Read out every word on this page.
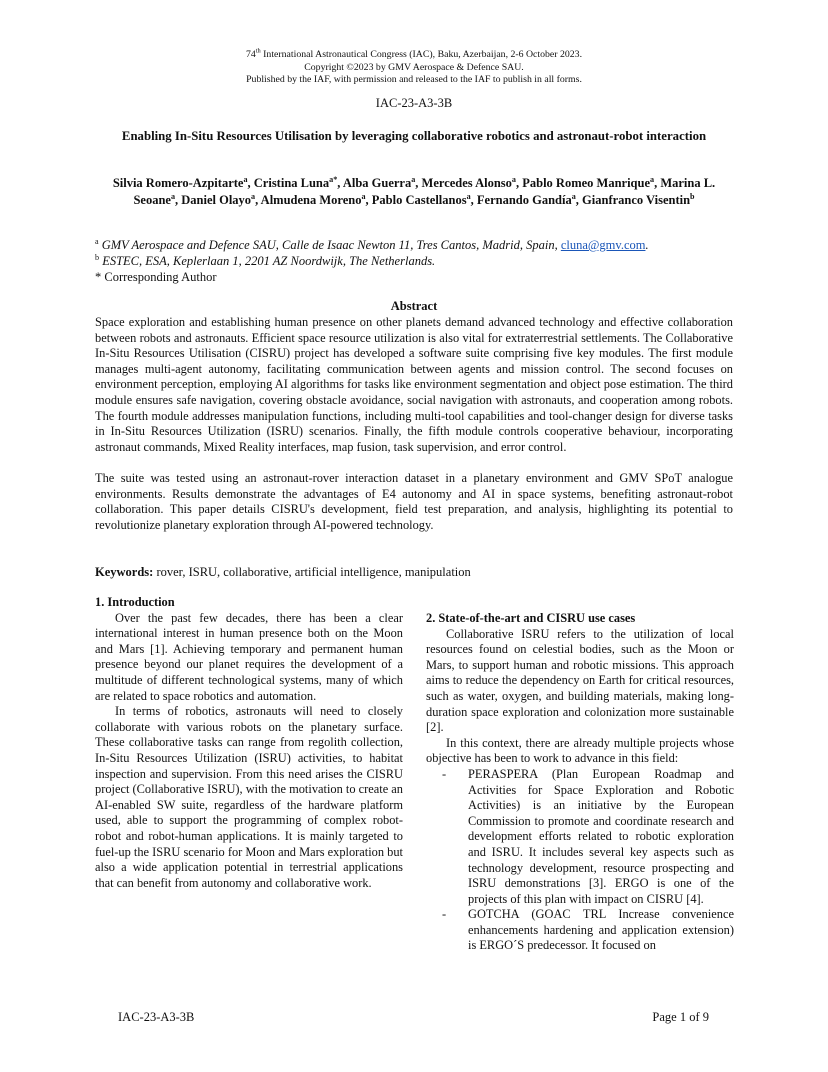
74th International Astronautical Congress (IAC), Baku, Azerbaijan, 2-6 October 2023.
Copyright ©2023 by GMV Aerospace & Defence SAU.
Published by the IAF, with permission and released to the IAF to publish in all forms.
IAC-23-A3-3B
Enabling In-Situ Resources Utilisation by leveraging collaborative robotics and astronaut-robot interaction
Silvia Romero-Azpitarte$^a$, Cristina Luna$^{a*}$, Alba Guerra$^a$, Mercedes Alonso$^a$, Pablo Romeo Manrique$^a$, Marina L. Seoane$^a$, Daniel Olayo$^a$, Almudena Moreno$^a$, Pablo Castellanos$^a$, Fernando Gandía$^a$, Gianfranco Visentin$^b$
$^a$ GMV Aerospace and Defence SAU, Calle de Isaac Newton 11, Tres Cantos, Madrid, Spain, cluna@gmv.com.
$^b$ ESTEC, ESA, Keplerlaan 1, 2201 AZ Noordwijk, The Netherlands.
* Corresponding Author
Abstract

Space exploration and establishing human presence on other planets demand advanced technology and effective collaboration between robots and astronauts. Efficient space resource utilization is also vital for extraterrestrial settlements. The Collaborative In-Situ Resources Utilisation (CISRU) project has developed a software suite comprising five key modules. The first module manages multi-agent autonomy, facilitating communication between agents and mission control. The second focuses on environment perception, employing AI algorithms for tasks like environment segmentation and object pose estimation. The third module ensures safe navigation, covering obstacle avoidance, social navigation with astronauts, and cooperation among robots. The fourth module addresses manipulation functions, including multi-tool capabilities and tool-changer design for diverse tasks in In-Situ Resources Utilization (ISRU) scenarios. Finally, the fifth module controls cooperative behaviour, incorporating astronaut commands, Mixed Reality interfaces, map fusion, task supervision, and error control.

The suite was tested using an astronaut-rover interaction dataset in a planetary environment and GMV SPoT analogue environments. Results demonstrate the advantages of E4 autonomy and AI in space systems, benefiting astronaut-robot collaboration. This paper details CISRU's development, field test preparation, and analysis, highlighting its potential to revolutionize planetary exploration through AI-powered technology.

Keywords: rover, ISRU, collaborative, artificial intelligence, manipulation

1. Introduction

Over the past few decades, there has been a clear international interest in human presence both on the Moon and Mars [1]. Achieving temporary and permanent human presence beyond our planet requires the development of a multitude of different technological systems, many of which are related to space robotics and automation.

In terms of robotics, astronauts will need to closely collaborate with various robots on the planetary surface. These collaborative tasks can range from regolith collection, In-Situ Resources Utilization (ISRU) activities, to habitat inspection and supervision. From this need arises the CISRU project (Collaborative ISRU), with the motivation to create an AI-enabled SW suite, regardless of the hardware platform used, able to support the programming of complex robot-robot and robot-human applications. It is mainly targeted to fuel-up the ISRU scenario for Moon and Mars exploration but also a wide application potential in terrestrial applications that can benefit from autonomy and collaborative work.

2. State-of-the-art and CISRU use cases

Collaborative ISRU refers to the utilization of local resources found on celestial bodies, such as the Moon or Mars, to support human and robotic missions. This approach aims to reduce the dependency on Earth for critical resources, such as water, oxygen, and building materials, making long-duration space exploration and colonization more sustainable [2].

In this context, there are already multiple projects whose objective has been to work to advance in this field:

- PERASPERA (Plan European Roadmap and Activities for Space Exploration and Robotic Activities) is an initiative by the European Commission to promote and coordinate research and development efforts related to robotic exploration and ISRU. It includes several key aspects such as technology development, resource prospecting and ISRU demonstrations [3]. ERGO is one of the projects of this plan with impact on CISRU [4].
- GOTCHA (GOAC TRL Increase convenience enhancements hardening and application extension) is ERGO´S predecessor. It focused on
IAC-23-A3-3B	Page 1 of 9
